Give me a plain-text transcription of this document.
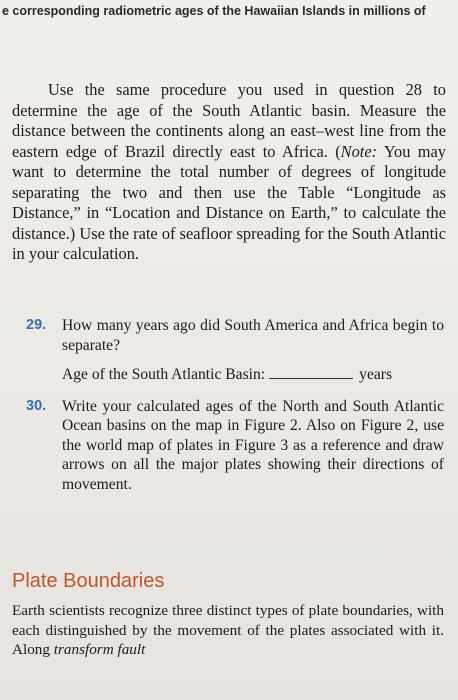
e corresponding radiometric ages of the Hawaiian Islands in millions of

Use the same procedure you used in question 28 to determine the age of the South Atlantic basin. Measure the distance between the continents along an east–west line from the eastern edge of Brazil directly east to Africa. (Note: You may want to determine the total number of degrees of longitude separating the two and then use the Table “Longitude as Distance,” in “Location and Distance on Earth,” to calculate the distance.) Use the rate of seafloor spreading for the South Atlantic in your calculation.

29.	How many years ago did South America and Africa begin to separate?
Age of the South Atlantic Basin:	years
30.	Write your calculated ages of the North and South Atlantic Ocean basins on the map in Figure 2. Also on Figure 2, use the world map of plates in Figure 3 as a reference and draw arrows on all the major plates showing their directions of movement.
Plate Boundaries
Earth scientists recognize three distinct types of plate boundaries, with each distinguished by the movement of the plates associated with it. Along transform fault
